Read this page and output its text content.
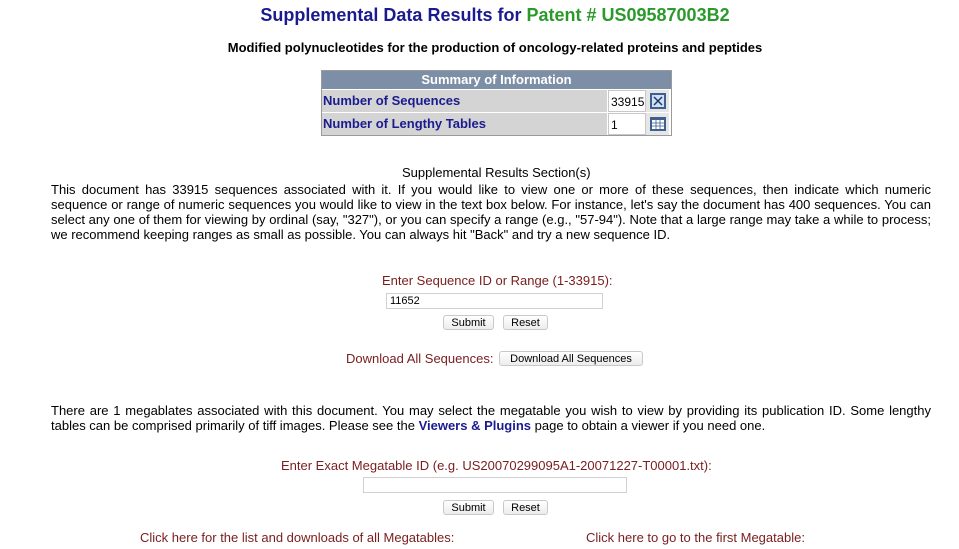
Supplemental Data Results for Patent # US09587003B2
Modified polynucleotides for the production of oncology-related proteins and peptides
Summary of Information
Number of Sequences	33915
Number of Lengthy Tables	1
Supplemental Results Section(s)
This document has 33915 sequences associated with it. If you would like to view one or more of these sequences, then indicate which numeric sequence or range of numeric sequences you would like to view in the text box below. For instance, let's say the document has 400 sequences. You can select any one of them for viewing by ordinal (say, "327"), or you can specify a range (e.g., "57-94"). Note that a large range may take a while to process; we recommend keeping ranges as small as possible. You can always hit "Back" and try a new sequence ID.
Enter Sequence ID or Range (1-33915):
11652
Submit	Reset
Download All Sequences:	Download All Sequences
There are 1 megablates associated with this document. You may select the megatable you wish to view by providing its publication ID. Some lengthy tables can be comprised primarily of tiff images. Please see the Viewers & Plugins page to obtain a viewer if you need one.
Enter Exact Megatable ID (e.g. US20070299095A1-20071227-T00001.txt):
Submit	Reset
Click here for the list and downloads of all Megatables:	Click here to go to the first Megatable:
